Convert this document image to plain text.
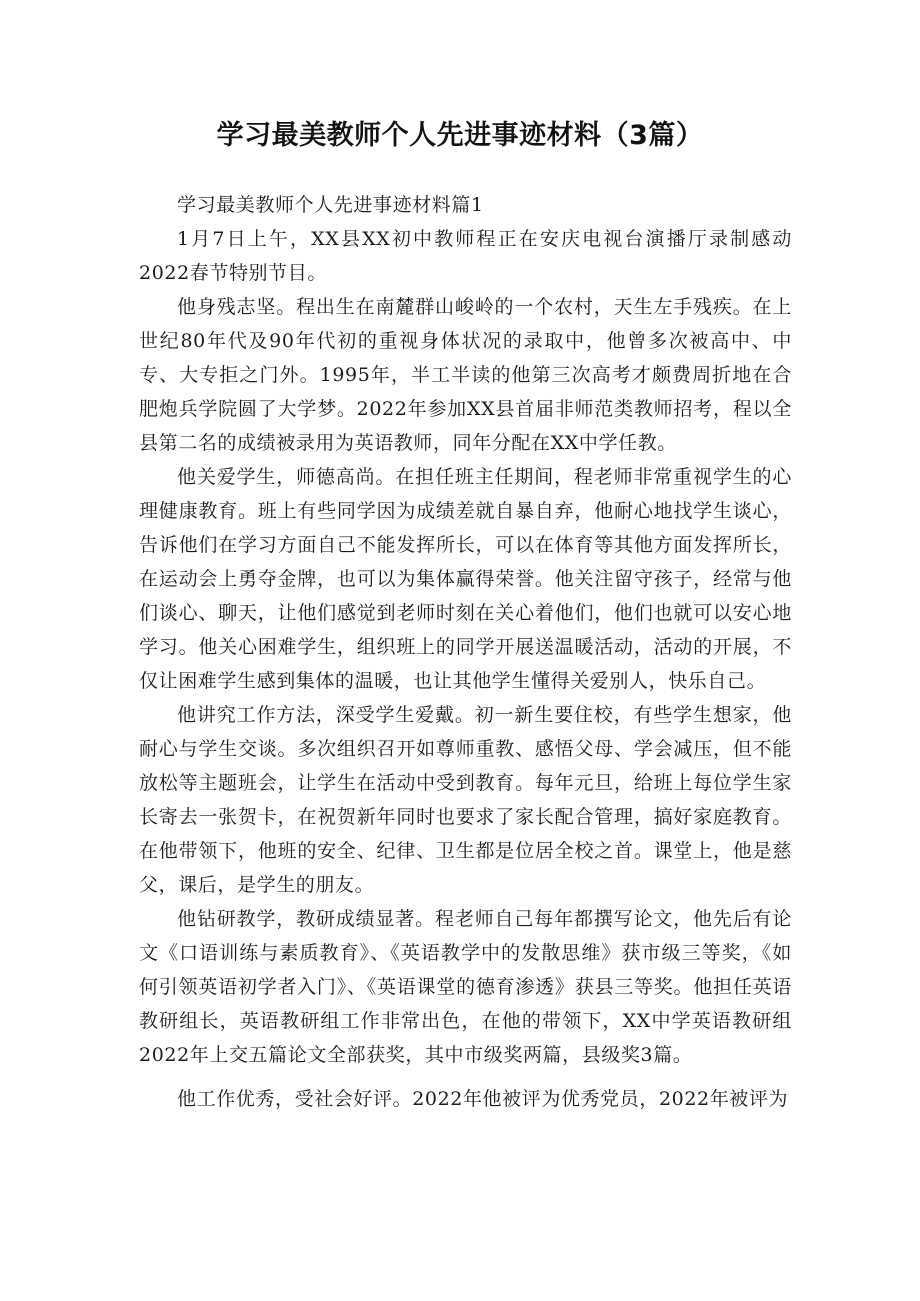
学习最美教师个人先进事迹材料（3篇）

学习最美教师个人先进事迹材料篇1

1月7日上午，XX县XX初中教师程正在安庆电视台演播厅录制感动2022春节特别节目。

他身残志坚。程出生在南麓群山峻岭的一个农村，天生左手残疾。在上世纪80年代及90年代初的重视身体状况的录取中，他曾多次被高中、中专、大专拒之门外。1995年，半工半读的他第三次高考才颇费周折地在合肥炮兵学院圆了大学梦。2022年参加XX县首届非师范类教师招考，程以全县第二名的成绩被录用为英语教师，同年分配在XX中学任教。

他关爱学生，师德高尚。在担任班主任期间，程老师非常重视学生的心理健康教育。班上有些同学因为成绩差就自暴自弃，他耐心地找学生谈心，告诉他们在学习方面自己不能发挥所长，可以在体育等其他方面发挥所长，在运动会上勇夺金牌，也可以为集体赢得荣誉。他关注留守孩子，经常与他们谈心、聊天，让他们感觉到老师时刻在关心着他们，他们也就可以安心地学习。他关心困难学生，组织班上的同学开展送温暖活动，活动的开展，不仅让困难学生感到集体的温暖，也让其他学生懂得关爱别人，快乐自己。

他讲究工作方法，深受学生爱戴。初一新生要住校，有些学生想家，他耐心与学生交谈。多次组织召开如尊师重教、感悟父母、学会减压，但不能放松等主题班会，让学生在活动中受到教育。每年元旦，给班上每位学生家长寄去一张贺卡，在祝贺新年同时也要求了家长配合管理，搞好家庭教育。在他带领下，他班的安全、纪律、卫生都是位居全校之首。课堂上，他是慈父，课后，是学生的朋友。

他钻研教学，教研成绩显著。程老师自己每年都撰写论文，他先后有论文《口语训练与素质教育》、《英语教学中的发散思维》获市级三等奖，《如何引领英语初学者入门》、《英语课堂的德育渗透》获县三等奖。他担任英语教研组长，英语教研组工作非常出色，在他的带领下，XX中学英语教研组2022年上交五篇论文全部获奖，其中市级奖两篇，县级奖3篇。

他工作优秀，受社会好评。2022年他被评为优秀党员，2022年被评为
